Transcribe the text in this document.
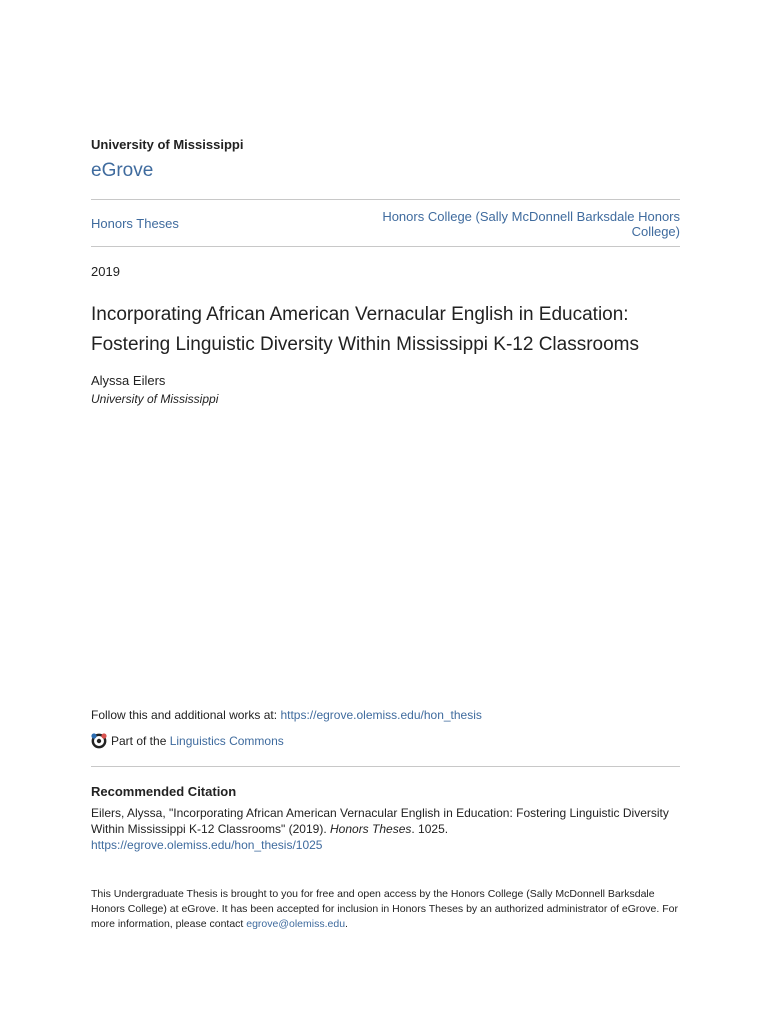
University of Mississippi
eGrove
Honors Theses	Honors College (Sally McDonnell Barksdale Honors College)
2019
Incorporating African American Vernacular English in Education: Fostering Linguistic Diversity Within Mississippi K-12 Classrooms
Alyssa Eilers
University of Mississippi
Follow this and additional works at: https://egrove.olemiss.edu/hon_thesis
Part of the Linguistics Commons
Recommended Citation
Eilers, Alyssa, "Incorporating African American Vernacular English in Education: Fostering Linguistic Diversity Within Mississippi K-12 Classrooms" (2019). Honors Theses. 1025.
https://egrove.olemiss.edu/hon_thesis/1025
This Undergraduate Thesis is brought to you for free and open access by the Honors College (Sally McDonnell Barksdale Honors College) at eGrove. It has been accepted for inclusion in Honors Theses by an authorized administrator of eGrove. For more information, please contact egrove@olemiss.edu.
